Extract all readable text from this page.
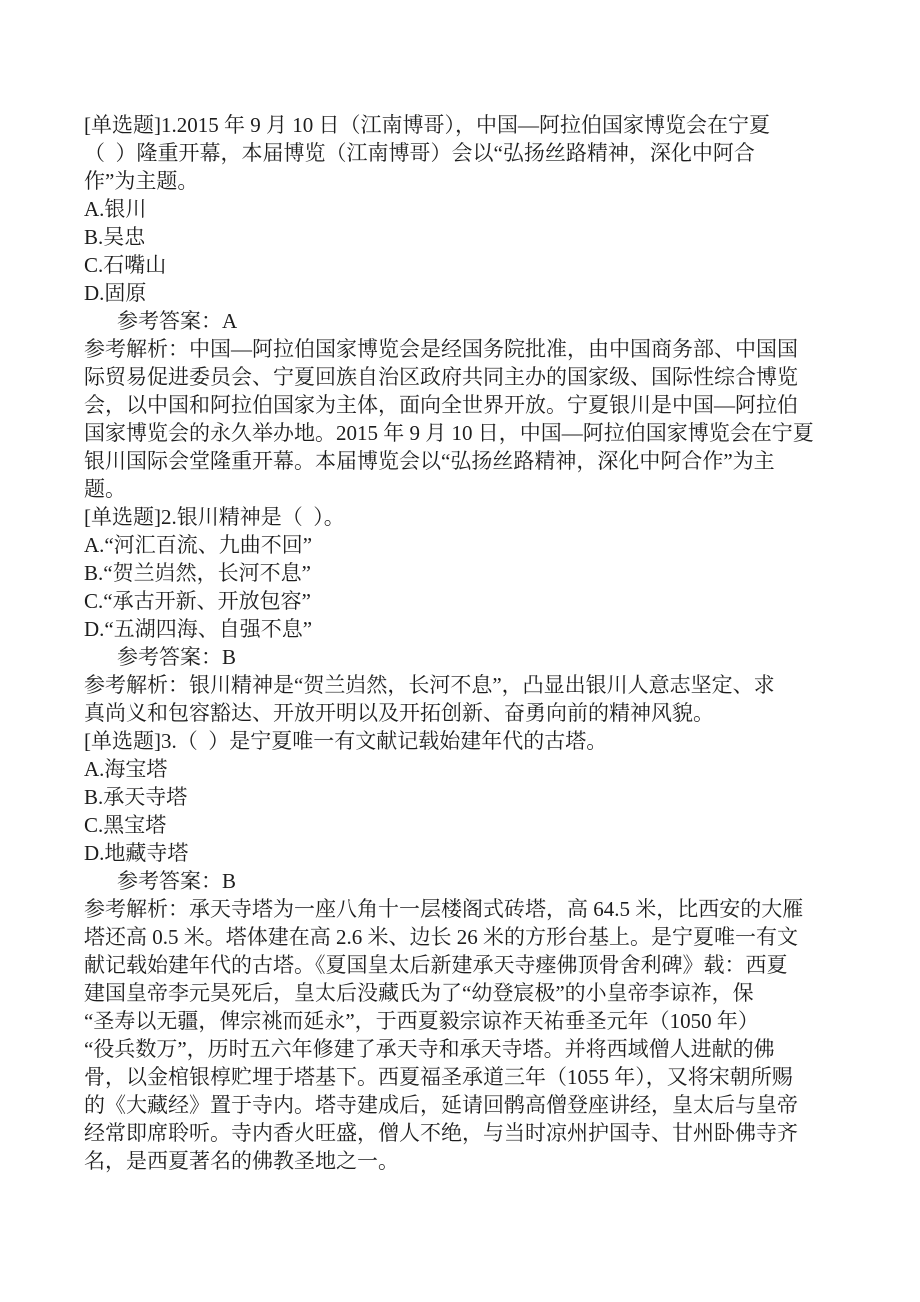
[单选题]1.2015 年 9 月 10 日（江南博哥），中国—阿拉伯国家博览会在宁夏
（  ）隆重开幕，本届博览（江南博哥）会以“弘扬丝路精神，深化中阿合
作”为主题。
A.银川
B.吴忠
C.石嘴山
D.固原
参考答案：A
参考解析：中国—阿拉伯国家博览会是经国务院批准，由中国商务部、中国国
际贸易促进委员会、宁夏回族自治区政府共同主办的国家级、国际性综合博览
会，以中国和阿拉伯国家为主体，面向全世界开放。宁夏银川是中国—阿拉伯
国家博览会的永久举办地。2015 年 9 月 10 日，中国—阿拉伯国家博览会在宁夏
银川国际会堂隆重开幕。本届博览会以“弘扬丝路精神，深化中阿合作”为主
题。
[单选题]2.银川精神是（  ）。
A.“河汇百流、九曲不回”
B.“贺兰岿然，长河不息”
C.“承古开新、开放包容”
D.“五湖四海、自强不息”
参考答案：B
参考解析：银川精神是“贺兰岿然，长河不息”，凸显出银川人意志坚定、求
真尚义和包容豁达、开放开明以及开拓创新、奋勇向前的精神风貌。
[单选题]3.（  ）是宁夏唯一有文献记载始建年代的古塔。
A.海宝塔
B.承天寺塔
C.黑宝塔
D.地藏寺塔
参考答案：B
参考解析：承天寺塔为一座八角十一层楼阁式砖塔，高 64.5 米，比西安的大雁
塔还高 0.5 米。塔体建在高 2.6 米、边长 26 米的方形台基上。是宁夏唯一有文
献记载始建年代的古塔。《夏国皇太后新建承天寺瘗佛顶骨舍利碑》载：西夏
建国皇帝李元昊死后，皇太后没藏氏为了“幼登宸极”的小皇帝李谅祚，保
“圣寿以无疆，俾宗祧而延永”，于西夏毅宗谅祚天祐垂圣元年（1050 年）
“役兵数万”，历时五六年修建了承天寺和承天寺塔。并将西域僧人进献的佛
骨，以金棺银椁贮埋于塔基下。西夏福圣承道三年（1055 年），又将宋朝所赐
的《大藏经》置于寺内。塔寺建成后，延请回鹘高僧登座讲经，皇太后与皇帝
经常即席聆听。寺内香火旺盛，僧人不绝，与当时凉州护国寺、甘州卧佛寺齐
名，是西夏著名的佛教圣地之一。
